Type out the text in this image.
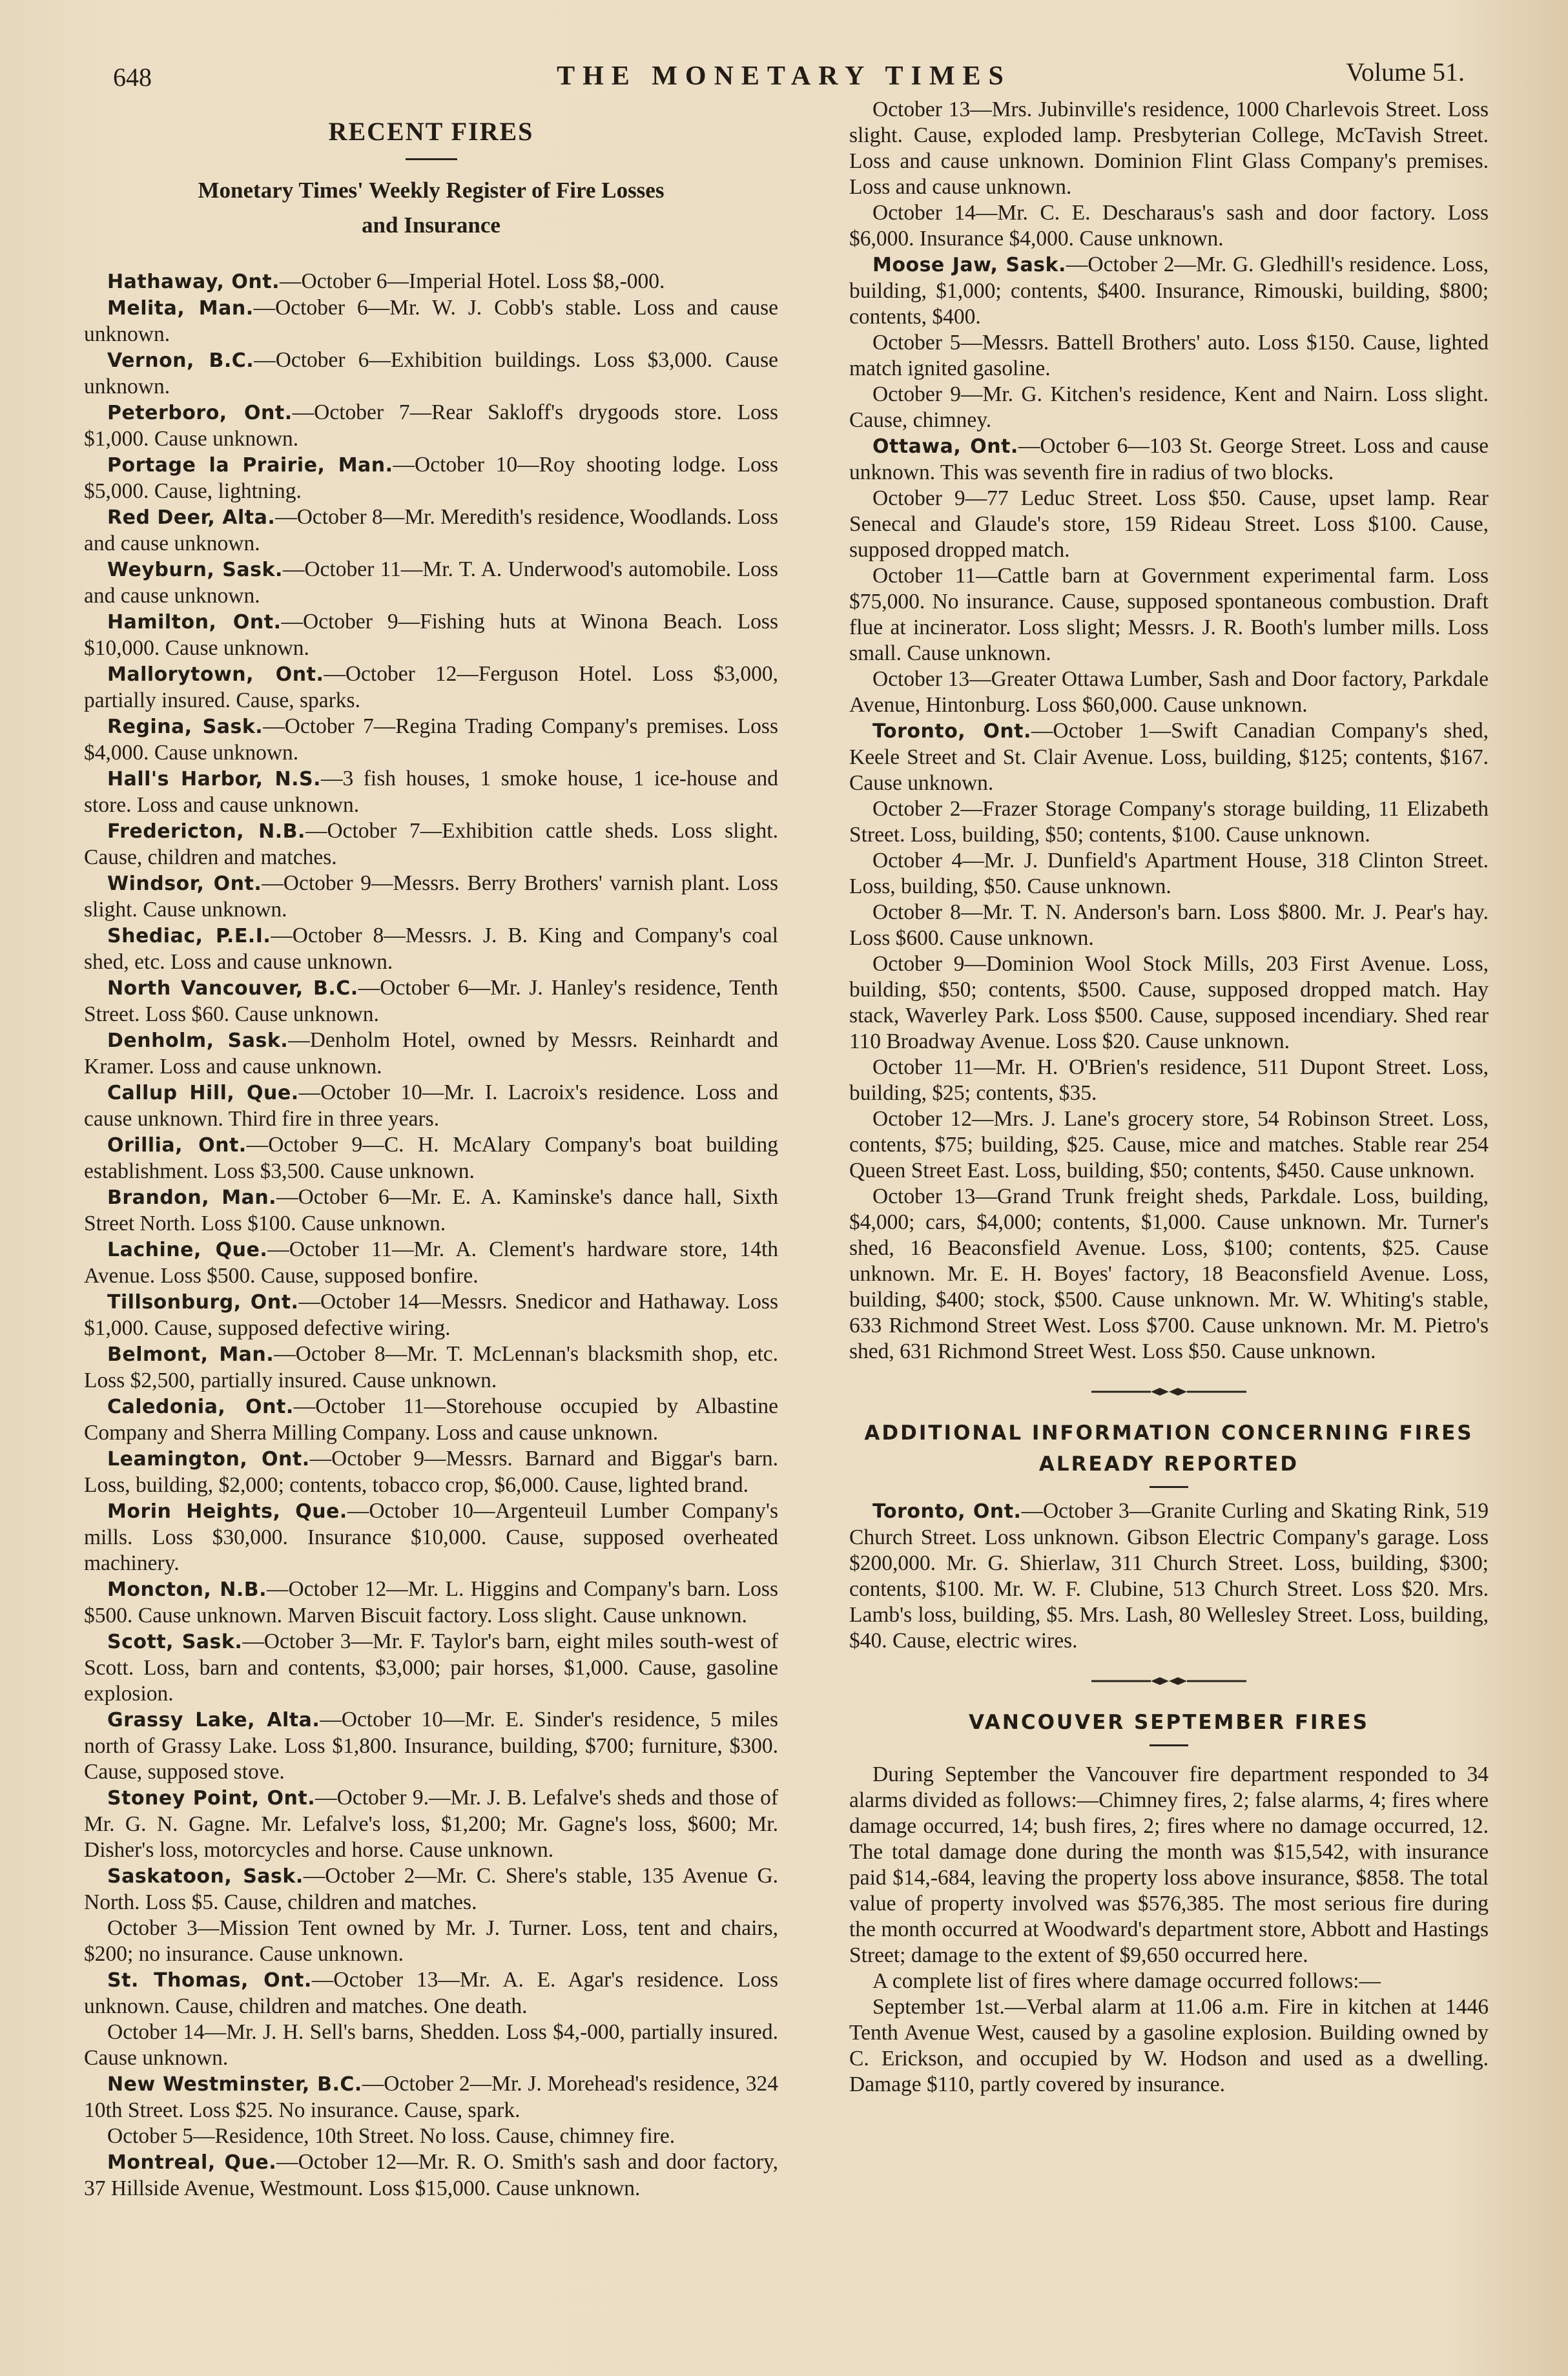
648	THE MONETARY TIMES	Volume 51.
RECENT FIRES
Monetary Times' Weekly Register of Fire Losses
and Insurance

Hathaway, Ont.—October 6—Imperial Hotel. Loss $8,-000.

Melita, Man.—October 6—Mr. W. J. Cobb's stable. Loss and cause unknown.

Vernon, B.C.—October 6—Exhibition buildings. Loss $3,000. Cause unknown.

Peterboro, Ont.—October 7—Rear Sakloff's drygoods store. Loss $1,000. Cause unknown.

Portage la Prairie, Man.—October 10—Roy shooting lodge. Loss $5,000. Cause, lightning.

Red Deer, Alta.—October 8—Mr. Meredith's residence, Woodlands. Loss and cause unknown.

Weyburn, Sask.—October 11—Mr. T. A. Underwood's automobile. Loss and cause unknown.

Hamilton, Ont.—October 9—Fishing huts at Winona Beach. Loss $10,000. Cause unknown.

Mallorytown, Ont.—October 12—Ferguson Hotel. Loss $3,000, partially insured. Cause, sparks.

Regina, Sask.—October 7—Regina Trading Company's premises. Loss $4,000. Cause unknown.

Hall's Harbor, N.S.—3 fish houses, 1 smoke house, 1 ice-house and store. Loss and cause unknown.

Fredericton, N.B.—October 7—Exhibition cattle sheds. Loss slight. Cause, children and matches.

Windsor, Ont.—October 9—Messrs. Berry Brothers' varnish plant. Loss slight. Cause unknown.

Shediac, P.E.I.—October 8—Messrs. J. B. King and Company's coal shed, etc. Loss and cause unknown.

North Vancouver, B.C.—October 6—Mr. J. Hanley's residence, Tenth Street. Loss $60. Cause unknown.

Denholm, Sask.—Denholm Hotel, owned by Messrs. Reinhardt and Kramer. Loss and cause unknown.

Callup Hill, Que.—October 10—Mr. I. Lacroix's residence. Loss and cause unknown. Third fire in three years.

Orillia, Ont.—October 9—C. H. McAlary Company's boat building establishment. Loss $3,500. Cause unknown.

Brandon, Man.—October 6—Mr. E. A. Kaminske's dance hall, Sixth Street North. Loss $100. Cause unknown.

Lachine, Que.—October 11—Mr. A. Clement's hardware store, 14th Avenue. Loss $500. Cause, supposed bonfire.

Tillsonburg, Ont.—October 14—Messrs. Snedicor and Hathaway. Loss $1,000. Cause, supposed defective wiring.

Belmont, Man.—October 8—Mr. T. McLennan's blacksmith shop, etc. Loss $2,500, partially insured. Cause unknown.

Caledonia, Ont.—October 11—Storehouse occupied by Albastine Company and Sherra Milling Company. Loss and cause unknown.

Leamington, Ont.—October 9—Messrs. Barnard and Biggar's barn. Loss, building, $2,000; contents, tobacco crop, $6,000. Cause, lighted brand.

Morin Heights, Que.—October 10—Argenteuil Lumber Company's mills. Loss $30,000. Insurance $10,000. Cause, supposed overheated machinery.

Moncton, N.B.—October 12—Mr. L. Higgins and Company's barn. Loss $500. Cause unknown. Marven Biscuit factory. Loss slight. Cause unknown.

Scott, Sask.—October 3—Mr. F. Taylor's barn, eight miles south-west of Scott. Loss, barn and contents, $3,000; pair horses, $1,000. Cause, gasoline explosion.

Grassy Lake, Alta.—October 10—Mr. E. Sinder's residence, 5 miles north of Grassy Lake. Loss $1,800. Insurance, building, $700; furniture, $300. Cause, supposed stove.

Stoney Point, Ont.—October 9.—Mr. J. B. Lefalve's sheds and those of Mr. G. N. Gagne. Mr. Lefalve's loss, $1,200; Mr. Gagne's loss, $600; Mr. Disher's loss, motorcycles and horse. Cause unknown.

Saskatoon, Sask.—October 2—Mr. C. Shere's stable, 135 Avenue G. North. Loss $5. Cause, children and matches.

October 3—Mission Tent owned by Mr. J. Turner. Loss, tent and chairs, $200; no insurance. Cause unknown.

St. Thomas, Ont.—October 13—Mr. A. E. Agar's residence. Loss unknown. Cause, children and matches. One death.

October 14—Mr. J. H. Sell's barns, Shedden. Loss $4,-000, partially insured. Cause unknown.

New Westminster, B.C.—October 2—Mr. J. Morehead's residence, 324 10th Street. Loss $25. No insurance. Cause, spark.

October 5—Residence, 10th Street. No loss. Cause, chimney fire.

Montreal, Que.—October 12—Mr. R. O. Smith's sash and door factory, 37 Hillside Avenue, Westmount. Loss $15,000. Cause unknown.

October 13—Mrs. Jubinville's residence, 1000 Charlevois Street. Loss slight. Cause, exploded lamp. Presbyterian College, McTavish Street. Loss and cause unknown. Dominion Flint Glass Company's premises. Loss and cause unknown.

October 14—Mr. C. E. Descharaus's sash and door factory. Loss $6,000. Insurance $4,000. Cause unknown.

Moose Jaw, Sask.—October 2—Mr. G. Gledhill's residence. Loss, building, $1,000; contents, $400. Insurance, Rimouski, building, $800; contents, $400.

October 5—Messrs. Battell Brothers' auto. Loss $150. Cause, lighted match ignited gasoline.

October 9—Mr. G. Kitchen's residence, Kent and Nairn. Loss slight. Cause, chimney.

Ottawa, Ont.—October 6—103 St. George Street. Loss and cause unknown. This was seventh fire in radius of two blocks.

October 9—77 Leduc Street. Loss $50. Cause, upset lamp. Rear Senecal and Glaude's store, 159 Rideau Street. Loss $100. Cause, supposed dropped match.

October 11—Cattle barn at Government experimental farm. Loss $75,000. No insurance. Cause, supposed spontaneous combustion. Draft flue at incinerator. Loss slight; Messrs. J. R. Booth's lumber mills. Loss small. Cause unknown.

October 13—Greater Ottawa Lumber, Sash and Door factory, Parkdale Avenue, Hintonburg. Loss $60,000. Cause unknown.

Toronto, Ont.—October 1—Swift Canadian Company's shed, Keele Street and St. Clair Avenue. Loss, building, $125; contents, $167. Cause unknown.

October 2—Frazer Storage Company's storage building, 11 Elizabeth Street. Loss, building, $50; contents, $100. Cause unknown.

October 4—Mr. J. Dunfield's Apartment House, 318 Clinton Street. Loss, building, $50. Cause unknown.

October 8—Mr. T. N. Anderson's barn. Loss $800. Mr. J. Pear's hay. Loss $600. Cause unknown.

October 9—Dominion Wool Stock Mills, 203 First Avenue. Loss, building, $50; contents, $500. Cause, supposed dropped match. Hay stack, Waverley Park. Loss $500. Cause, supposed incendiary. Shed rear 110 Broadway Avenue. Loss $20. Cause unknown.

October 11—Mr. H. O'Brien's residence, 511 Dupont Street. Loss, building, $25; contents, $35.

October 12—Mrs. J. Lane's grocery store, 54 Robinson Street. Loss, contents, $75; building, $25. Cause, mice and matches. Stable rear 254 Queen Street East. Loss, building, $50; contents, $450. Cause unknown.

October 13—Grand Trunk freight sheds, Parkdale. Loss, building, $4,000; cars, $4,000; contents, $1,000. Cause unknown. Mr. Turner's shed, 16 Beaconsfield Avenue. Loss, $100; contents, $25. Cause unknown. Mr. E. H. Boyes' factory, 18 Beaconsfield Avenue. Loss, building, $400; stock, $500. Cause unknown. Mr. W. Whiting's stable, 633 Richmond Street West. Loss $700. Cause unknown. Mr. M. Pietro's shed, 631 Richmond Street West. Loss $50. Cause unknown.

ADDITIONAL INFORMATION CONCERNING FIRES
ALREADY REPORTED

Toronto, Ont.—October 3—Granite Curling and Skating Rink, 519 Church Street. Loss unknown. Gibson Electric Company's garage. Loss $200,000. Mr. G. Shierlaw, 311 Church Street. Loss, building, $300; contents, $100. Mr. W. F. Clubine, 513 Church Street. Loss $20. Mrs. Lamb's loss, building, $5. Mrs. Lash, 80 Wellesley Street. Loss, building, $40. Cause, electric wires.

VANCOUVER SEPTEMBER FIRES

During September the Vancouver fire department responded to 34 alarms divided as follows:—Chimney fires, 2; false alarms, 4; fires where damage occurred, 14; bush fires, 2; fires where no damage occurred, 12. The total damage done during the month was $15,542, with insurance paid $14,-684, leaving the property loss above insurance, $858. The total value of property involved was $576,385. The most serious fire during the month occurred at Woodward's department store, Abbott and Hastings Street; damage to the extent of $9,650 occurred here.

A complete list of fires where damage occurred follows:—

September 1st.—Verbal alarm at 11.06 a.m. Fire in kitchen at 1446 Tenth Avenue West, caused by a gasoline explosion. Building owned by C. Erickson, and occupied by W. Hodson and used as a dwelling. Damage $110, partly covered by insurance.
